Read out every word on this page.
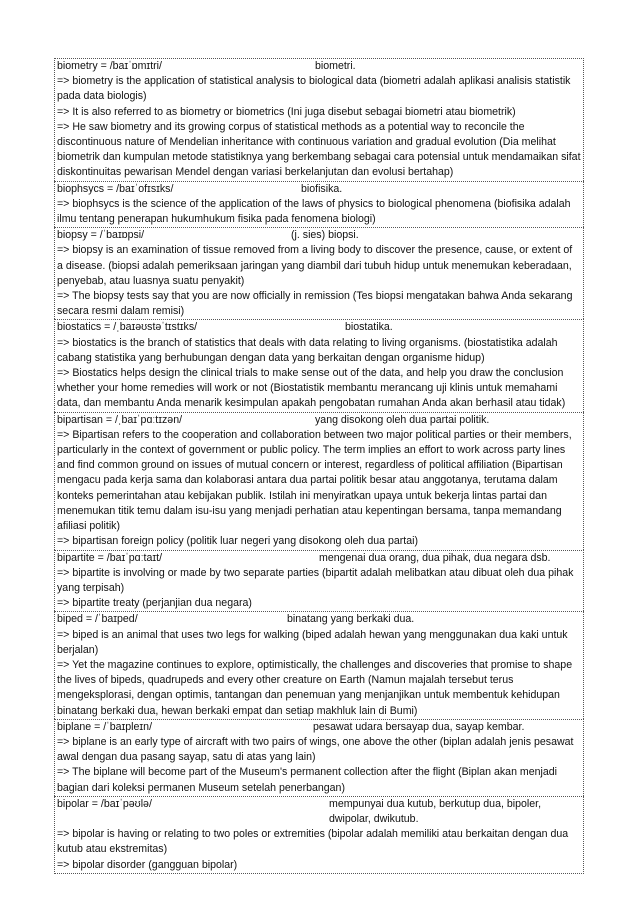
biometry = /baɪˈɒmɪtri/	biometri.

=> biometry is the application of statistical analysis to biological data (biometri adalah aplikasi analisis statistik pada data biologis)

=> It is also referred to as biometry or biometrics (Ini juga disebut sebagai biometri atau biometrik)

=> He saw biometry and its growing corpus of statistical methods as a potential way to reconcile the discontinuous nature of Mendelian inheritance with continuous variation and gradual evolution (Dia melihat biometrik dan kumpulan metode statistiknya yang berkembang sebagai cara potensial untuk mendamaikan sifat diskontinuitas pewarisan Mendel dengan variasi berkelanjutan dan evolusi bertahap)

biophsycs = /baɪˈofɪsɪks/	biofisika.

=> biophsycs is the science of the application of the laws of physics to biological phenomena (biofisika adalah ilmu tentang penerapan hukumhukum fisika pada fenomena biologi)

biopsy = /ˈbaɪɒpsi/	(j. sies) biopsi.

=> biopsy is an examination of tissue removed from a living body to discover the presence, cause, or extent of a disease. (biopsi adalah pemeriksaan jaringan yang diambil dari tubuh hidup untuk menemukan keberadaan, penyebab, atau luasnya suatu penyakit)

=> The biopsy tests say that you are now officially in remission (Tes biopsi mengatakan bahwa Anda sekarang secara resmi dalam remisi)

biostatics = /ˌbaɪəʊstəˈtɪstɪks/	biostatika.

=> biostatics is the branch of statistics that deals with data relating to living organisms. (biostatistika adalah cabang statistika yang berhubungan dengan data yang berkaitan dengan organisme hidup)

=> Biostatics helps design the clinical trials to make sense out of the data, and help you draw the conclusion whether your home remedies will work or not (Biostatistik membantu merancang uji klinis untuk memahami data, dan membantu Anda menarik kesimpulan apakah pengobatan rumahan Anda akan berhasil atau tidak)

bipartisan = /ˌbaɪˈpɑːtɪzən/	yang disokong oleh dua partai politik.

=> Bipartisan refers to the cooperation and collaboration between two major political parties or their members, particularly in the context of government or public policy. The term implies an effort to work across party lines and find common ground on issues of mutual concern or interest, regardless of political affiliation (Bipartisan mengacu pada kerja sama dan kolaborasi antara dua partai politik besar atau anggotanya, terutama dalam konteks pemerintahan atau kebijakan publik. Istilah ini menyiratkan upaya untuk bekerja lintas partai dan menemukan titik temu dalam isu-isu yang menjadi perhatian atau kepentingan bersama, tanpa memandang afiliasi politik)

=> bipartisan foreign policy (politik luar negeri yang disokong oleh dua partai)

bipartite = /baɪˈpɑːtaɪt/	mengenai dua orang, dua pihak, dua negara dsb.

=> bipartite is involving or made by two separate parties (bipartit adalah melibatkan atau dibuat oleh dua pihak yang terpisah)

=> bipartite treaty (perjanjian dua negara)

biped = /ˈbaɪped/	binatang yang berkaki dua.

=> biped is an animal that uses two legs for walking (biped adalah hewan yang menggunakan dua kaki untuk berjalan)

=> Yet the magazine continues to explore, optimistically, the challenges and discoveries that promise to shape the lives of bipeds, quadrupeds and every other creature on Earth (Namun majalah tersebut terus mengeksplorasi, dengan optimis, tantangan dan penemuan yang menjanjikan untuk membentuk kehidupan binatang berkaki dua, hewan berkaki empat dan setiap makhluk lain di Bumi)

biplane = /ˈbaɪpleɪn/	pesawat udara bersayap dua, sayap kembar.

=> biplane is an early type of aircraft with two pairs of wings, one above the other (biplan adalah jenis pesawat awal dengan dua pasang sayap, satu di atas yang lain)

=> The biplane will become part of the Museum's permanent collection after the flight (Biplan akan menjadi bagian dari koleksi permanen Museum setelah penerbangan)

bipolar = /baɪˈpəʊlə/	mempunyai dua kutub, berkutup dua, bipoler, dwipolar, dwikutub.

=> bipolar is having or relating to two poles or extremities (bipolar adalah memiliki atau berkaitan dengan dua kutub atau ekstremitas)

=> bipolar disorder (gangguan bipolar)
